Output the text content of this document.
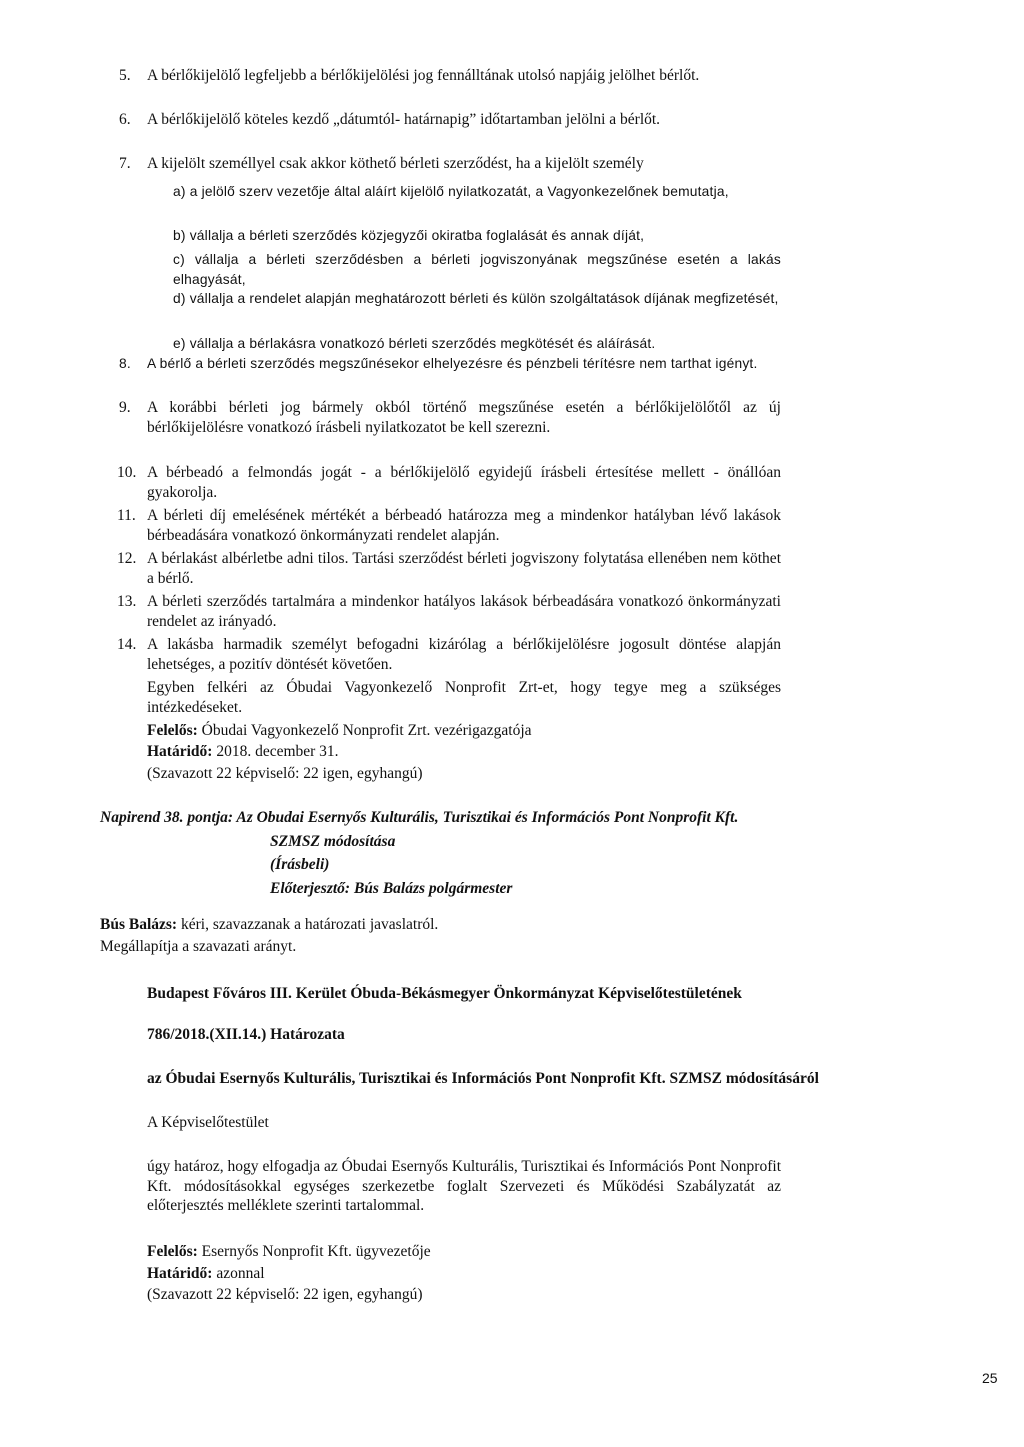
5. A bérlőkijelölő legfeljebb a bérlőkijelölési jog fennálltának utolsó napjáig jelölhet bérlőt.

6. A bérlőkijelölő köteles kezdő „dátumtól- határnapig” időtartamban jelölni a bérlőt.

7. A kijelölt személlyel csak akkor köthető bérleti szerződést, ha a kijelölt személy

a) a jelölő szerv vezetője által aláírt kijelölő nyilatkozatát, a Vagyonkezelőnek bemutatja,

b) vállalja a bérleti szerződés közjegyzői okiratba foglalását és annak díját,

c) vállalja a bérleti szerződésben a bérleti jogviszonyának megszűnése esetén a lakás elhagyását,

d) vállalja a rendelet alapján meghatározott bérleti és külön szolgáltatások díjának megfizetését,

e) vállalja a bérlakásra vonatkozó bérleti szerződés megkötését és aláírását.

8. A bérlő a bérleti szerződés megszűnésekor elhelyezésre és pénzbeli térítésre nem tarthat igényt.

9. A korábbi bérleti jog bármely okból történő megszűnése esetén a bérlőkijelölőtől az új bérlőkijelölésre vonatkozó írásbeli nyilatkozatot be kell szerezni.

10. A bérbeadó a felmondás jogát - a bérlőkijelölő egyidejű írásbeli értesítése mellett - önállóan gyakorolja.

11. A bérleti díj emelésének mértékét a bérbeadó határozza meg a mindenkor hatályban lévő lakások bérbeadására vonatkozó önkormányzati rendelet alapján.

12. A bérlakást albérletbe adni tilos. Tartási szerződést bérleti jogviszony folytatása ellenében nem köthet a bérlő.

13. A bérleti szerződés tartalmára a mindenkor hatályos lakások bérbeadására vonatkozó önkormányzati rendelet az irányadó.

14. A lakásba harmadik személyt befogadni kizárólag a bérlőkijelölésre jogosult döntése alapján lehetséges, a pozitív döntését követően.

Egyben felkéri az Óbudai Vagyonkezelő Nonprofit Zrt-et, hogy tegye meg a szükséges intézkedéseket.

Felelős: Óbudai Vagyonkezelő Nonprofit Zrt. vezérigazgatója

Határidő: 2018. december 31.

(Szavazott 22 képviselő: 22 igen, egyhangú)

Napirend 38. pontja: Az Obudai Esernyős Kulturális, Turisztikai és Információs Pont Nonprofit Kft.
SZMSZ módosítása
(Írásbeli)
Előterjesztő: Bús Balázs polgármester

Bús Balázs: kéri, szavazzanak a határozati javaslatról.

Megállapítja a szavazati arányt.

Budapest Főváros III. Kerület Óbuda-Békásmegyer Önkormányzat Képviselőtestületének

786/2018.(XII.14.) Határozata

az Óbudai Esernyős Kulturális, Turisztikai és Információs Pont Nonprofit Kft. SZMSZ módosításáról

A Képviselőtestület

úgy határoz, hogy elfogadja az Óbudai Esernyős Kulturális, Turisztikai és Információs Pont Nonprofit Kft. módosításokkal egységes szerkezetbe foglalt Szervezeti és Működési Szabályzatát az előterjesztés melléklete szerinti tartalommal.

Felelős: Esernyős Nonprofit Kft. ügyvezetője

Határidő: azonnal

(Szavazott 22 képviselő: 22 igen, egyhangú)

25
